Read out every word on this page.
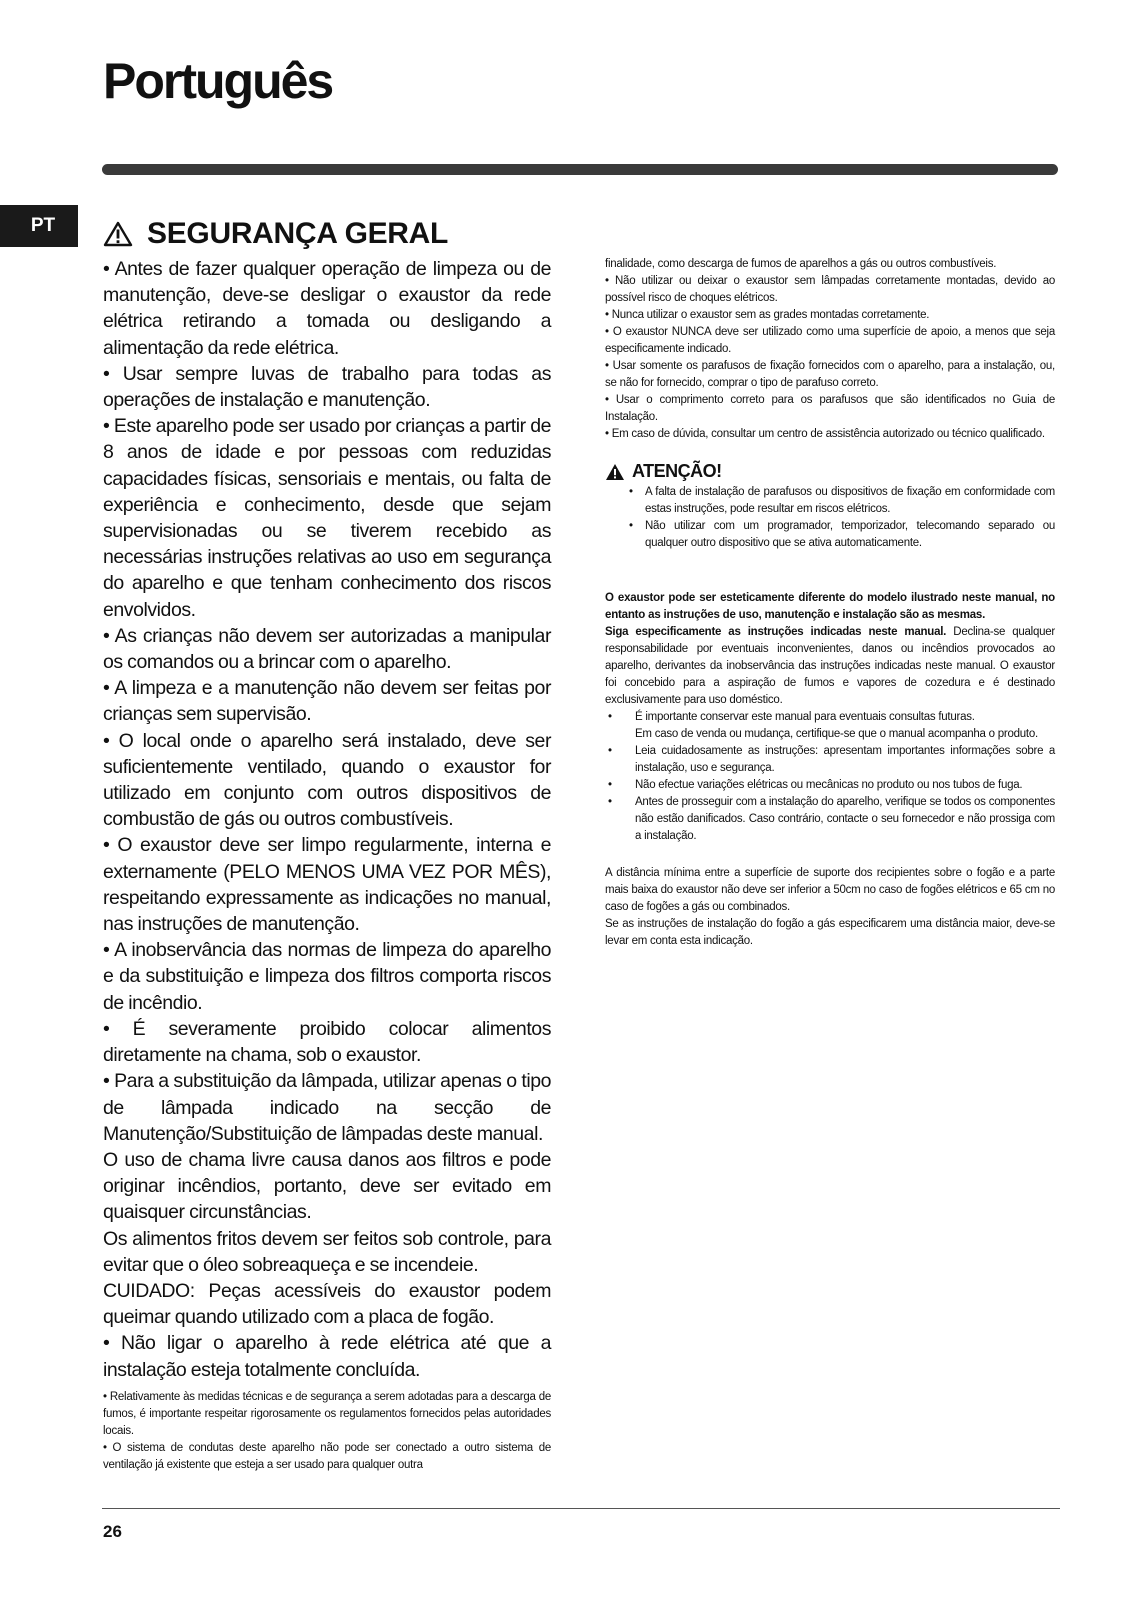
Português
PT	SEGURANÇA GERAL

• Antes de fazer qualquer operação de limpeza ou de manutenção, deve-se desligar o exaustor da rede elétrica retirando a tomada ou desligando a alimentação da rede elétrica.

• Usar sempre luvas de trabalho para todas as operações de instalação e manutenção.

• Este aparelho pode ser usado por crianças a partir de 8 anos de idade e por pessoas com reduzidas capacidades físicas, sensoriais e mentais, ou falta de experiência e conhecimento, desde que sejam supervisionadas ou se tiverem recebido as necessárias instruções relativas ao uso em segurança do aparelho e que tenham conhecimento dos riscos envolvidos.

• As crianças não devem ser autorizadas a manipular os comandos ou a brincar com o aparelho.

• A limpeza e a manutenção não devem ser feitas por crianças sem supervisão.

• O local onde o aparelho será instalado, deve ser suficientemente ventilado, quando o exaustor for utilizado em conjunto com outros dispositivos de combustão de gás ou outros combustíveis.

• O exaustor deve ser limpo regularmente, interna e externamente (PELO MENOS UMA VEZ POR MÊS), respeitando expressamente as indicações no manual, nas instruções de manutenção.

• A inobservância das normas de limpeza do aparelho e da substituição e limpeza dos filtros comporta riscos de incêndio.

• É severamente proibido colocar alimentos diretamente na chama, sob o exaustor.

• Para a substituição da lâmpada, utilizar apenas o tipo de lâmpada indicado na secção de Manutenção/Substituição de lâmpadas deste manual.

O uso de chama livre causa danos aos filtros e pode originar incêndios, portanto, deve ser evitado em quaisquer circunstâncias.

Os alimentos fritos devem ser feitos sob controle, para evitar que o óleo sobreaqueça e se incendeie.

CUIDADO: Peças acessíveis do exaustor podem queimar quando utilizado com a placa de fogão.

• Não ligar o aparelho à rede elétrica até que a instalação esteja totalmente concluída.

• Relativamente às medidas técnicas e de segurança a serem adotadas para a descarga de fumos, é importante respeitar rigorosamente os regulamentos fornecidos pelas autoridades locais.

• O sistema de condutas deste aparelho não pode ser conectado a outro sistema de ventilação já existente que esteja a ser usado para qualquer outra

finalidade, como descarga de fumos de aparelhos a gás ou outros combustíveis.

• Não utilizar ou deixar o exaustor sem lâmpadas corretamente montadas, devido ao possível risco de choques elétricos.

• Nunca utilizar o exaustor sem as grades montadas corretamente.

• O exaustor NUNCA deve ser utilizado como uma superfície de apoio, a menos que seja especificamente indicado.

• Usar somente os parafusos de fixação fornecidos com o aparelho, para a instalação, ou, se não for fornecido, comprar o tipo de parafuso correto.

• Usar o comprimento correto para os parafusos que são identificados no Guia de Instalação.

• Em caso de dúvida, consultar um centro de assistência autorizado ou técnico qualificado.

ATENÇÃO!
• A falta de instalação de parafusos ou dispositivos de fixação em conformidade com estas instruções, pode resultar em riscos elétricos.
• Não utilizar com um programador, temporizador, telecomando separado ou qualquer outro dispositivo que se ativa automaticamente.

O exaustor pode ser esteticamente diferente do modelo ilustrado neste manual, no entanto as instruções de uso, manutenção e instalação são as mesmas.

Siga especificamente as instruções indicadas neste manual. Declina-se qualquer responsabilidade por eventuais inconvenientes, danos ou incêndios provocados ao aparelho, derivantes da inobservância das instruções indicadas neste manual. O exaustor foi concebido para a aspiração de fumos e vapores de cozedura e é destinado exclusivamente para uso doméstico.

• É importante conservar este manual para eventuais consultas futuras.
Em caso de venda ou mudança, certifique-se que o manual acompanha o produto.
• Leia cuidadosamente as instruções: apresentam importantes informações sobre a instalação, uso e segurança.
• Não efectue variações elétricas ou mecânicas no produto ou nos tubos de fuga.
• Antes de prosseguir com a instalação do aparelho, verifique se todos os componentes não estão danificados. Caso contrário, contacte o seu fornecedor e não prossiga com a instalação.

A distância mínima entre a superfície de suporte dos recipientes sobre o fogão e a parte mais baixa do exaustor não deve ser inferior a 50cm no caso de fogões elétricos e 65 cm no caso de fogões a gás ou combinados.

Se as instruções de instalação do fogão a gás especificarem uma distância maior, deve-se levar em conta esta indicação.

26
